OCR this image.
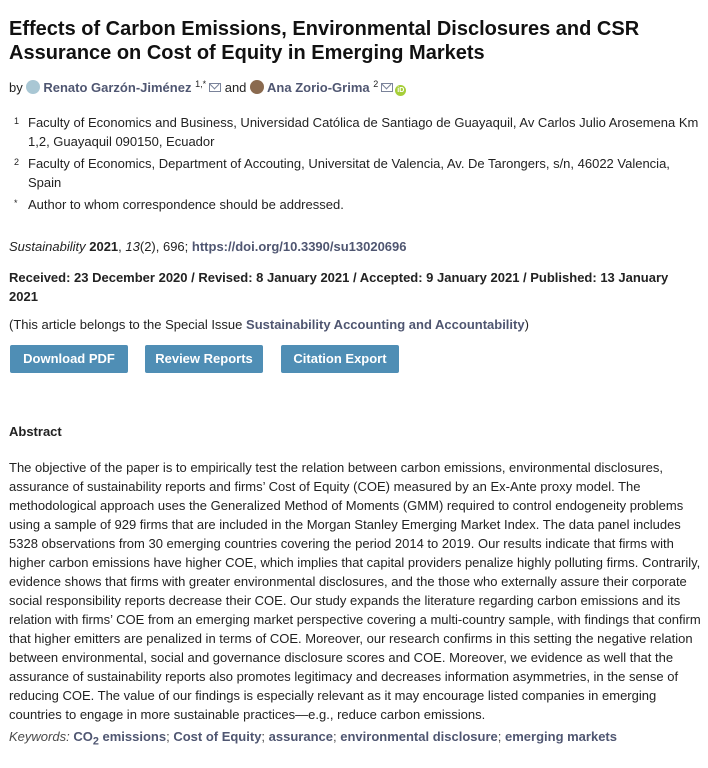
Effects of Carbon Emissions, Environmental Disclosures and CSR Assurance on Cost of Equity in Emerging Markets
by Renato Garzón-Jiménez $^{1,*}$ and Ana Zorio-Grima $^2$iD
1 Faculty of Economics and Business, Universidad Católica de Santiago de Guayaquil, Av Carlos Julio Arosemena Km 1,2, Guayaquil 090150, Ecuador
2 Faculty of Economics, Department of Accouting, Universitat de Valencia, Av. De Tarongers, s/n, 46022 Valencia, Spain
* Author to whom correspondence should be addressed.
Sustainability 2021, 13(2), 696; https://doi.org/10.3390/su13020696
Received: 23 December 2020 / Revised: 8 January 2021 / Accepted: 9 January 2021 / Published: 13 January 2021
(This article belongs to the Special Issue Sustainability Accounting and Accountability)
Download PDF	Review Reports	Citation Export
Abstract

The objective of the paper is to empirically test the relation between carbon emissions, environmental disclosures, assurance of sustainability reports and firms’ Cost of Equity (COE) measured by an Ex-Ante proxy model. The methodological approach uses the Generalized Method of Moments (GMM) required to control endogeneity problems using a sample of 929 firms that are included in the Morgan Stanley Emerging Market Index. The data panel includes 5328 observations from 30 emerging countries covering the period 2014 to 2019. Our results indicate that firms with higher carbon emissions have higher COE, which implies that capital providers penalize highly polluting firms. Contrarily, evidence shows that firms with greater environmental disclosures, and the those who externally assure their corporate social responsibility reports decrease their COE. Our study expands the literature regarding carbon emissions and its relation with firms’ COE from an emerging market perspective covering a multi-country sample, with findings that confirm that higher emitters are penalized in terms of COE. Moreover, our research confirms in this setting the negative relation between environmental, social and governance disclosure scores and COE. Moreover, we evidence as well that the assurance of sustainability reports also promotes legitimacy and decreases information asymmetries, in the sense of reducing COE. The value of our findings is especially relevant as it may encourage listed companies in emerging countries to engage in more sustainable practices—e.g., reduce carbon emissions.

Keywords: $CO_2$ emissions; Cost of Equity; assurance; environmental disclosure; emerging markets
